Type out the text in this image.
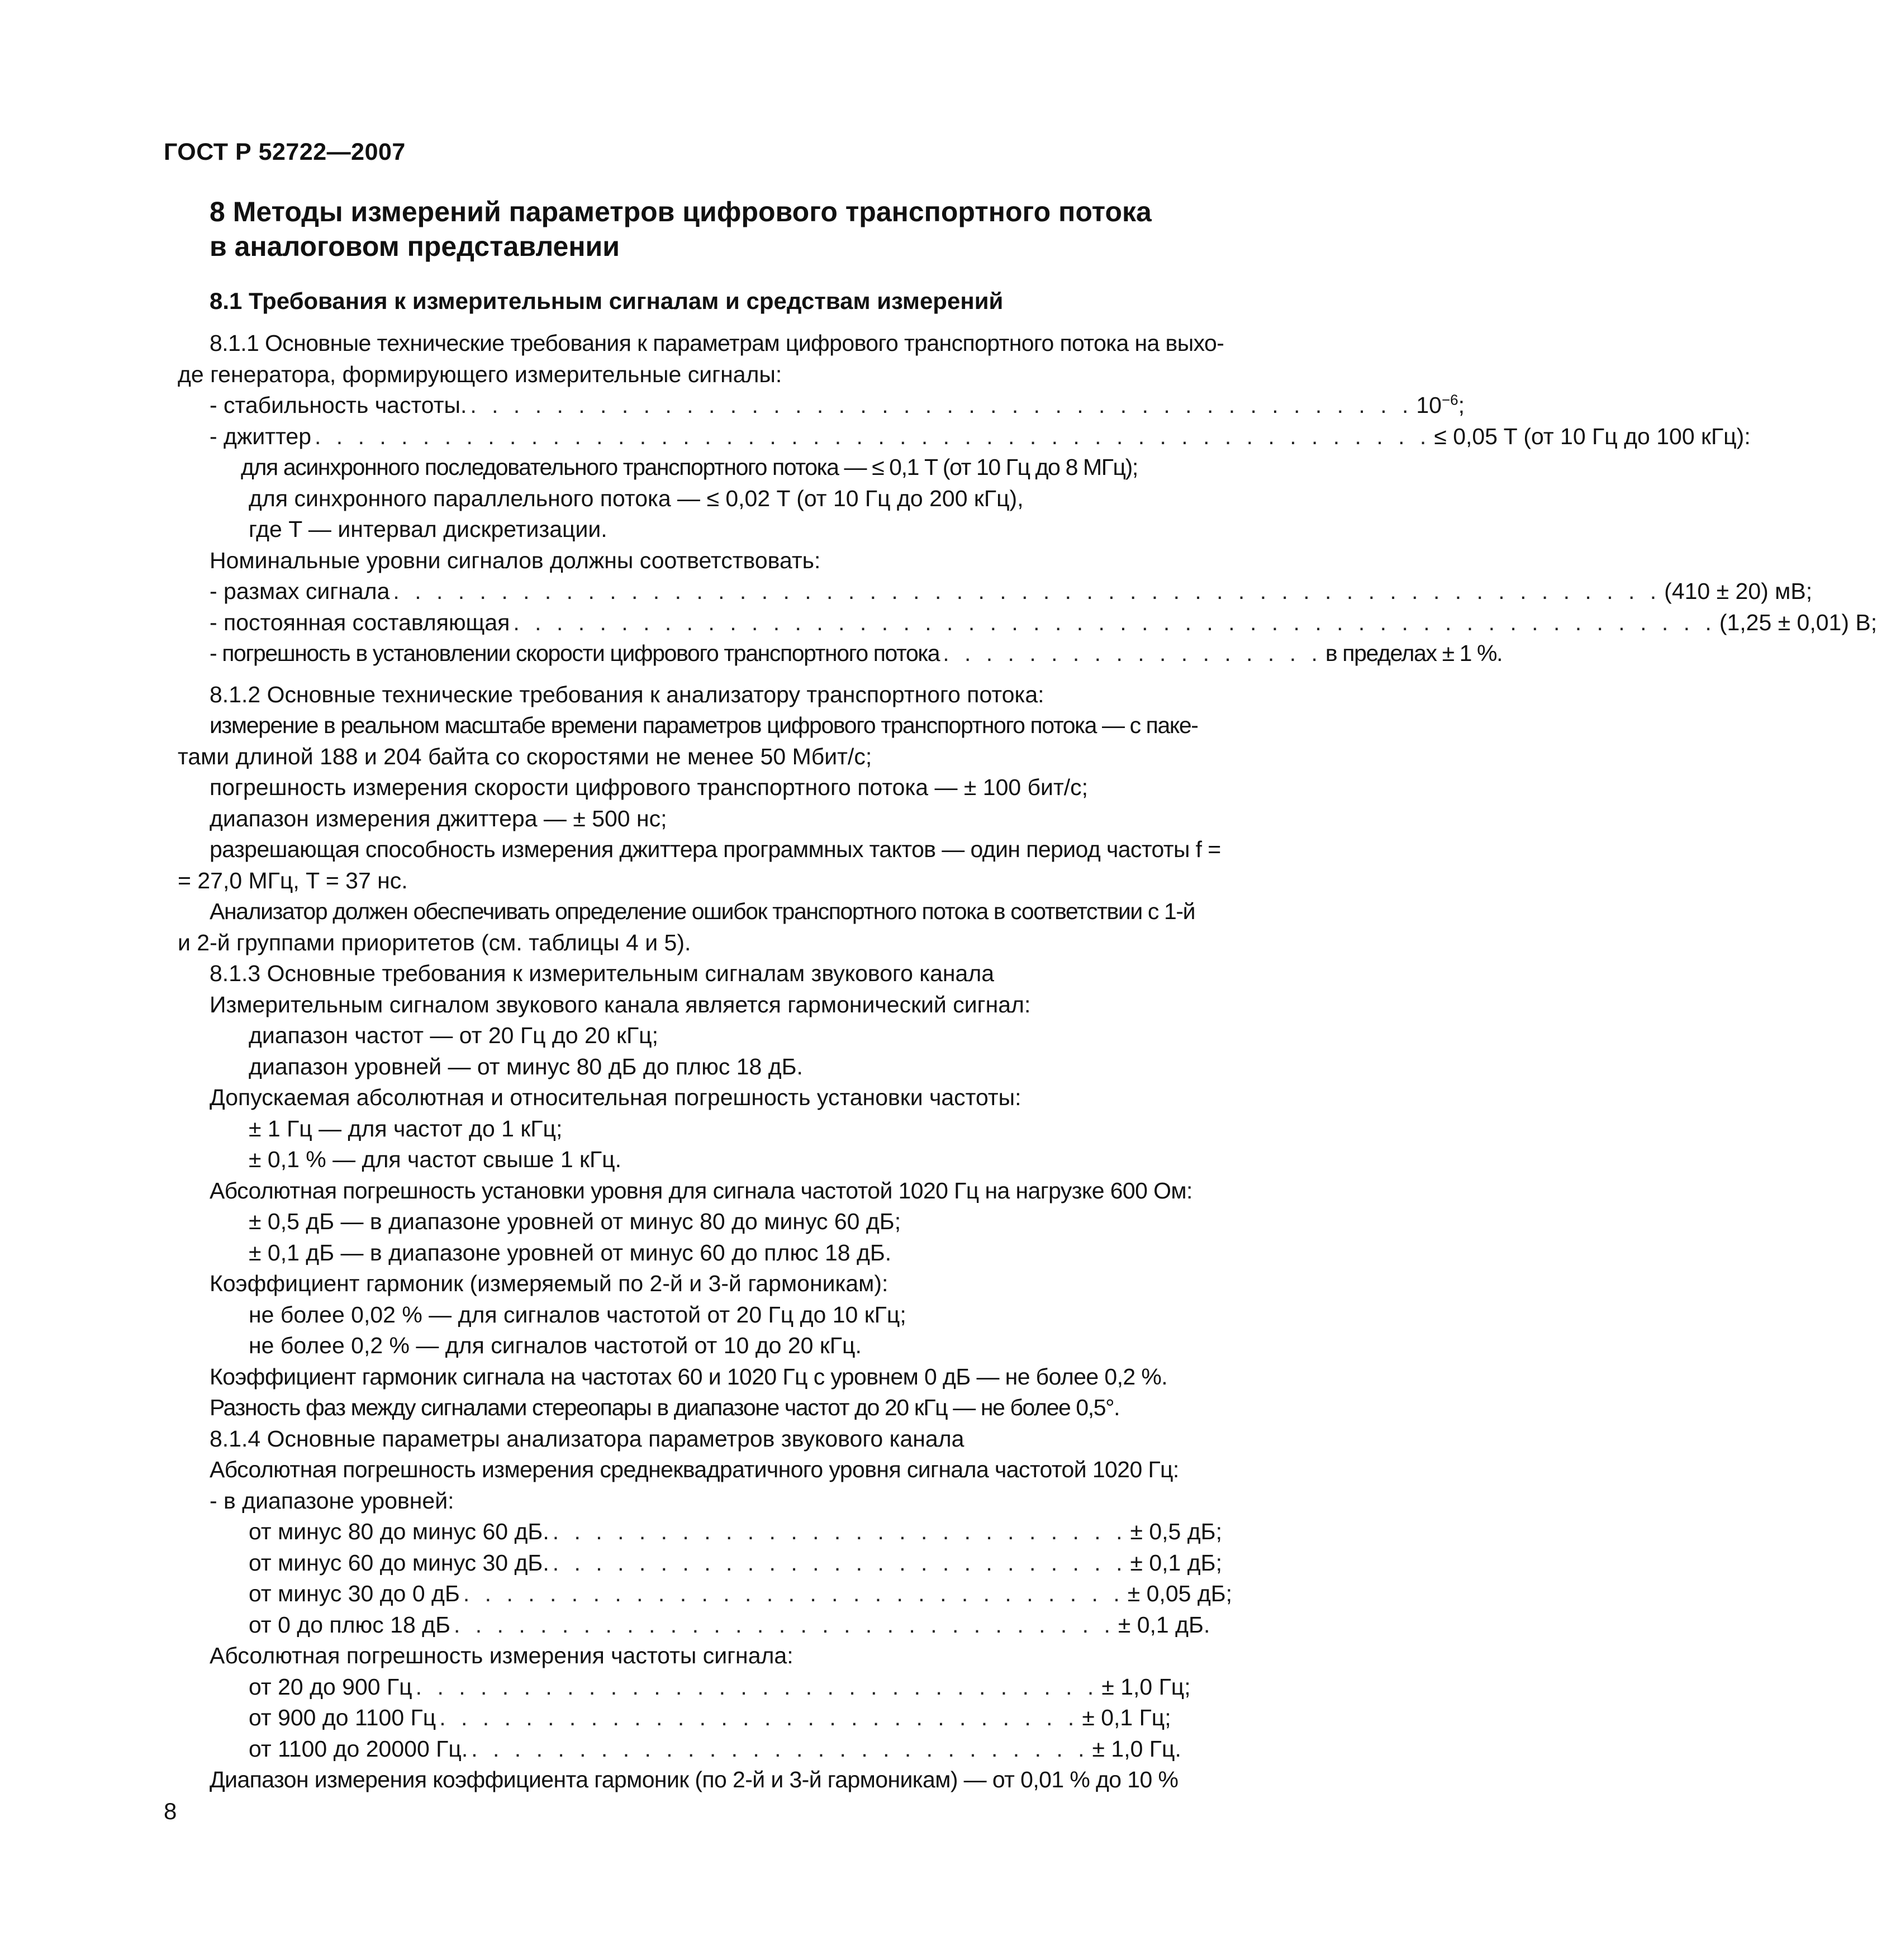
ГОСТ Р 52722—2007
8 Методы измерений параметров цифрового транспортного потока
в аналоговом представлении
8.1 Требования к измерительным сигналам и средствам измерений
8.1.1 Основные технические требования к параметрам цифрового транспортного потока на выхо-
де генератора, формирующего измерительные сигналы:
- стабильность частоты. . . . . . . . . . . . . . . . . . . . . . . . . . . . . . . . . . . . . . . . . . . . . $10^{-6}$;
- джиттер . . . . . . . . . . . . . . . . . . . . . . . . . . . . . . . . . . . . . . . . . . . . . . . . . . . . ≤ 0,05 T (от 10 Гц до 100 кГц):
для асинхронного последовательного транспортного потока — ≤ 0,1 T (от 10 Гц до 8 МГц);
для синхронного параллельного потока — ≤ 0,02 T (от 10 Гц до 200 кГц),
где T — интервал дискретизации.
Номинальные уровни сигналов должны соответствовать:
- размах сигнала . . . . . . . . . . . . . . . . . . . . . . . . . . . . . . . . . . . . . . . . . . . . . . . . . . . . . . . . . . . (410 ± 20) мВ;
- постоянная составляющая . . . . . . . . . . . . . . . . . . . . . . . . . . . . . . . . . . . . . . . . . . . . . . . . . . . . . . . . (1,25 ± 0,01) В;
- погрешность в установлении скорости цифрового транспортного потока . . . . . . . . . . . . . . . . . . в пределах ± 1 %.
8.1.2 Основные технические требования к анализатору транспортного потока:
измерение в реальном масштабе времени параметров цифрового транспортного потока — с паке-
тами длиной 188 и 204 байта со скоростями не менее 50 Мбит/с;
погрешность измерения скорости цифрового транспортного потока — ± 100 бит/с;
диапазон измерения джиттера — ± 500 нс;
разрешающая способность измерения джиттера программных тактов — один период частоты f =
= 27,0 МГц, T = 37 нс.
Анализатор должен обеспечивать определение ошибок транспортного потока в соответствии с 1-й
и 2-й группами приоритетов (см. таблицы 4 и 5).
8.1.3 Основные требования к измерительным сигналам звукового канала
Измерительным сигналом звукового канала является гармонический сигнал:
диапазон частот — от 20 Гц до 20 кГц;
диапазон уровней — от минус 80 дБ до плюс 18 дБ.
Допускаемая абсолютная и относительная погрешность установки частоты:
± 1 Гц — для частот до 1 кГц;
± 0,1 % — для частот свыше 1 кГц.
Абсолютная погрешность установки уровня для сигнала частотой 1020 Гц на нагрузке 600 Ом:
± 0,5 дБ — в диапазоне уровней от минус 80 до минус 60 дБ;
± 0,1 дБ — в диапазоне уровней от минус 60 до плюс 18 дБ.
Коэффициент гармоник (измеряемый по 2-й и 3-й гармоникам):
не более 0,02 % — для сигналов частотой от 20 Гц до 10 кГц;
не более 0,2 % — для сигналов частотой от 10 до 20 кГц.
Коэффициент гармоник сигнала на частотах 60 и 1020 Гц с уровнем 0 дБ — не более 0,2 %.
Разность фаз между сигналами стереопары в диапазоне частот до 20 кГц — не более 0,5°.
8.1.4 Основные параметры анализатора параметров звукового канала
Абсолютная погрешность измерения среднеквадратичного уровня сигнала частотой 1020 Гц:
- в диапазоне уровней:
от минус 80 до минус 60 дБ. . . . . . . . . . . . . . . . . . . . . . . . . . . . ± 0,5 дБ;
от минус 60 до минус 30 дБ. . . . . . . . . . . . . . . . . . . . . . . . . . . . ± 0,1 дБ;
от минус 30 до 0 дБ . . . . . . . . . . . . . . . . . . . . . . . . . . . . . . . ± 0,05 дБ;
от 0 до плюс 18 дБ . . . . . . . . . . . . . . . . . . . . . . . . . . . . . . . ± 0,1 дБ.
Абсолютная погрешность измерения частоты сигнала:
от 20 до 900 Гц . . . . . . . . . . . . . . . . . . . . . . . . . . . . . . . . ± 1,0 Гц;
от 900 до 1100 Гц . . . . . . . . . . . . . . . . . . . . . . . . . . . . . . ± 0,1 Гц;
от 1100 до 20000 Гц. . . . . . . . . . . . . . . . . . . . . . . . . . . . . . ± 1,0 Гц.
Диапазон измерения коэффициента гармоник (по 2-й и 3-й гармоникам) — от 0,01 % до 10 %
8
